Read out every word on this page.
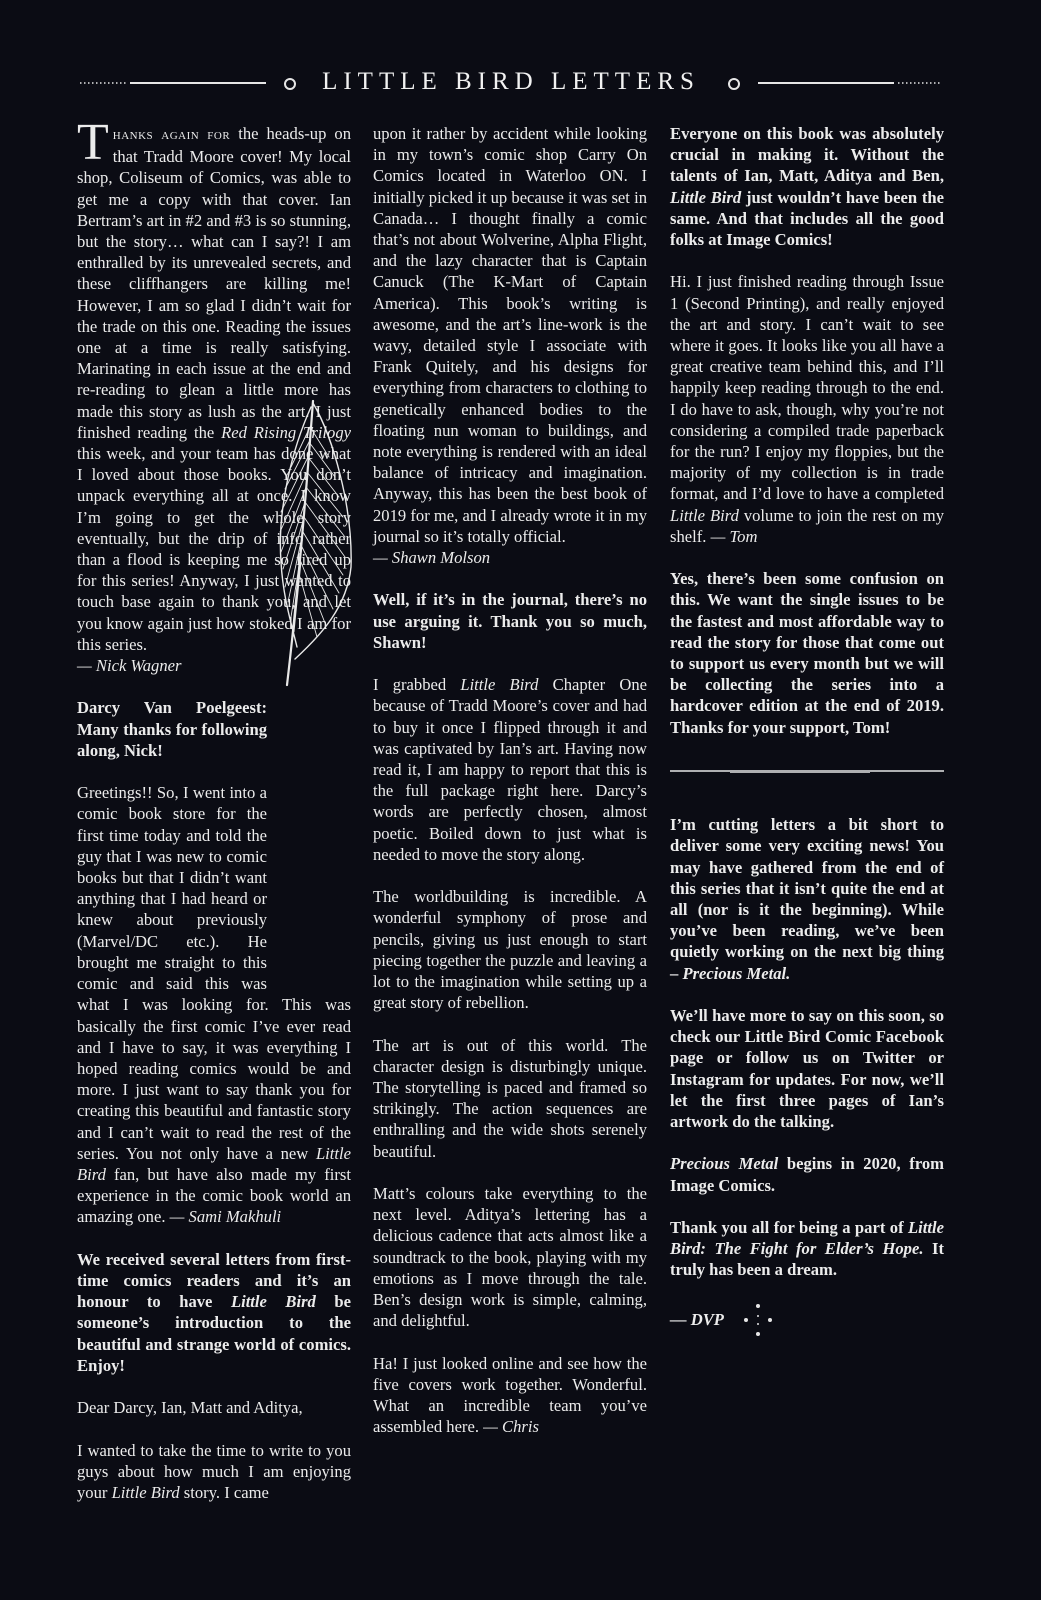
LITTLE BIRD LETTERS

Thanks again for the heads-up on that Tradd Moore cover! My local shop, Coliseum of Comics, was able to get me a copy with that cover. Ian Bertram’s art in #2 and #3 is so stunning, but the story… what can I say?! I am enthralled by its unrevealed secrets, and these cliffhangers are killing me! However, I am so glad I didn’t wait for the trade on this one. Reading the issues one at a time is really satisfying. Marinating in each issue at the end and re-reading to glean a little more has made this story as lush as the art. I just finished reading the Red Rising Trilogy this week, and your team has done what I loved about those books. You don’t unpack everything all at once. I know I’m going to get the whole story eventually, but the drip of info rather than a flood is keeping me so fired up for this series! Anyway, I just wanted to touch base again to thank you, and let you know again just how stoked I am for this series.
— Nick Wagner

Darcy Van Poelgeest: Many thanks for following along, Nick!

Greetings!! So, I went into a comic book store for the first time today and told the guy that I was new to comic books but that I didn’t want anything that I had heard or knew about previously (Marvel/DC etc.). He brought me straight to this comic and said this was what I was looking for. This was basically the first comic I’ve ever read and I have to say, it was everything I hoped reading comics would be and more. I just want to say thank you for creating this beautiful and fantastic story and I can’t wait to read the rest of the series. You not only have a new Little Bird fan, but have also made my first experience in the comic book world an amazing one. — Sami Makhuli

We received several letters from first-time comics readers and it’s an honour to have Little Bird be someone’s introduction to the beautiful and strange world of comics. Enjoy!

Dear Darcy, Ian, Matt and Aditya,

I wanted to take the time to write to you guys about how much I am enjoying your Little Bird story. I came

upon it rather by accident while looking in my town’s comic shop Carry On Comics located in Waterloo ON. I initially picked it up because it was set in Canada… I thought finally a comic that’s not about Wolverine, Alpha Flight, and the lazy character that is Captain Canuck (The K-Mart of Captain America). This book’s writing is awesome, and the art’s line-work is the wavy, detailed style I associate with Frank Quitely, and his designs for everything from characters to clothing to genetically enhanced bodies to the floating nun woman to buildings, and note everything is rendered with an ideal balance of intricacy and imagination. Anyway, this has been the best book of 2019 for me, and I already wrote it in my journal so it’s totally official.
— Shawn Molson

Well, if it’s in the journal, there’s no use arguing it. Thank you so much, Shawn!

I grabbed Little Bird Chapter One because of Tradd Moore’s cover and had to buy it once I flipped through it and was captivated by Ian’s art. Having now read it, I am happy to report that this is the full package right here. Darcy’s words are perfectly chosen, almost poetic. Boiled down to just what is needed to move the story along.

The worldbuilding is incredible. A wonderful symphony of prose and pencils, giving us just enough to start piecing together the puzzle and leaving a lot to the imagination while setting up a great story of rebellion.

The art is out of this world. The character design is disturbingly unique. The storytelling is paced and framed so strikingly. The action sequences are enthralling and the wide shots serenely beautiful.

Matt’s colours take everything to the next level. Aditya’s lettering has a delicious cadence that acts almost like a soundtrack to the book, playing with my emotions as I move through the tale. Ben’s design work is simple, calming, and delightful.

Ha! I just looked online and see how the five covers work together. Wonderful. What an incredible team you’ve assembled here. — Chris

Everyone on this book was absolutely crucial in making it. Without the talents of Ian, Matt, Aditya and Ben, Little Bird just wouldn’t have been the same. And that includes all the good folks at Image Comics!

Hi. I just finished reading through Issue 1 (Second Printing), and really enjoyed the art and story. I can’t wait to see where it goes. It looks like you all have a great creative team behind this, and I’ll happily keep reading through to the end. I do have to ask, though, why you’re not considering a compiled trade paperback for the run? I enjoy my floppies, but the majority of my collection is in trade format, and I’d love to have a completed Little Bird volume to join the rest on my shelf. — Tom

Yes, there’s been some confusion on this. We want the single issues to be the fastest and most affordable way to read the story for those that come out to support us every month but we will be collecting the series into a hardcover edition at the end of 2019. Thanks for your support, Tom!

I’m cutting letters a bit short to deliver some very exciting news! You may have gathered from the end of this series that it isn’t quite the end at all (nor is it the beginning). While you’ve been reading, we’ve been quietly working on the next big thing – Precious Metal.

We’ll have more to say on this soon, so check our Little Bird Comic Facebook page or follow us on Twitter or Instagram for updates. For now, we’ll let the first three pages of Ian’s artwork do the talking.

Precious Metal begins in 2020, from Image Comics.

Thank you all for being a part of Little Bird: The Fight for Elder’s Hope. It truly has been a dream.

— DVP
